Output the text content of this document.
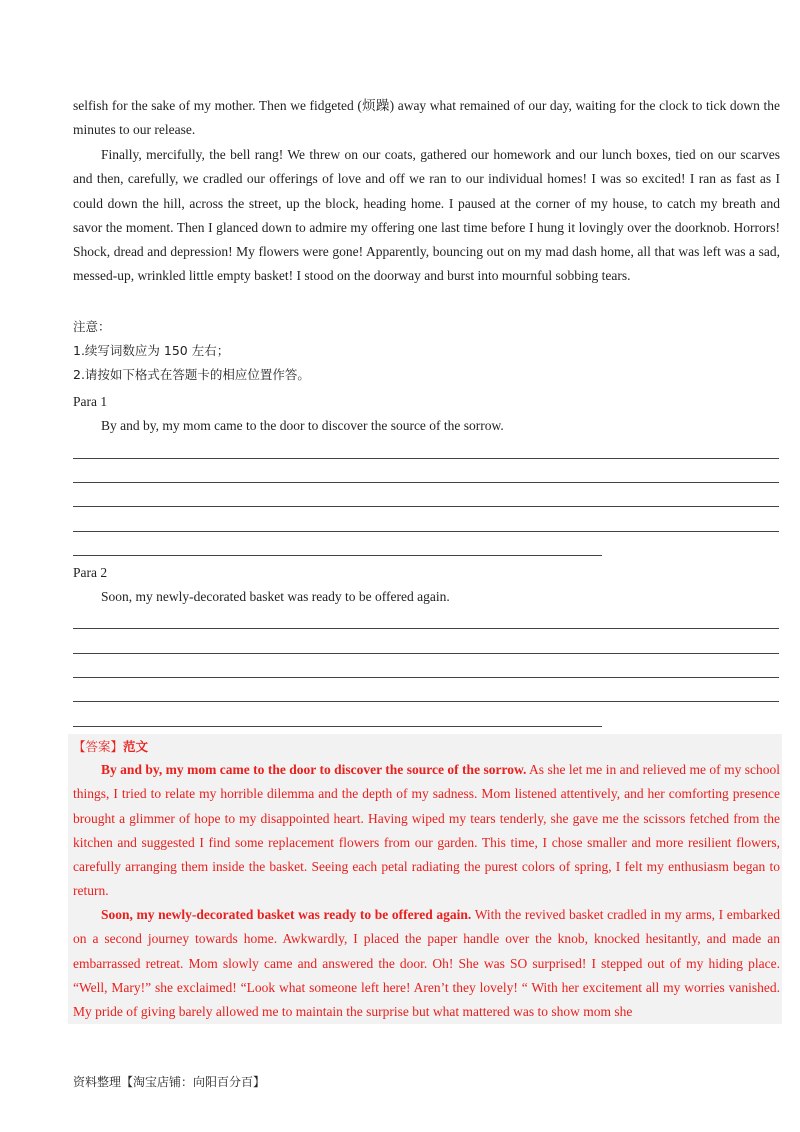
selfish for the sake of my mother. Then we fidgeted (烦躁) away what remained of our day, waiting for the clock to tick down the minutes to our release.

Finally, mercifully, the bell rang! We threw on our coats, gathered our homework and our lunch boxes, tied on our scarves and then, carefully, we cradled our offerings of love and off we ran to our individual homes! I was so excited! I ran as fast as I could down the hill, across the street, up the block, heading home. I paused at the corner of my house, to catch my breath and savor the moment. Then I glanced down to admire my offering one last time before I hung it lovingly over the doorknob. Horrors! Shock, dread and depression! My flowers were gone! Apparently, bouncing out on my mad dash home, all that was left was a sad, messed-up, wrinkled little empty basket! I stood on the doorway and burst into mournful sobbing tears.

注意：

1.续写词数应为 150 左右；

2.请按如下格式在答题卡的相应位置作答。

Para 1

By and by, my mom came to the door to discover the source of the sorrow.

Para 2

Soon, my newly-decorated basket was ready to be offered again.

【答案】范文

By and by, my mom came to the door to discover the source of the sorrow. As she let me in and relieved me of my school things, I tried to relate my horrible dilemma and the depth of my sadness. Mom listened attentively, and her comforting presence brought a glimmer of hope to my disappointed heart. Having wiped my tears tenderly, she gave me the scissors fetched from the kitchen and suggested I find some replacement flowers from our garden. This time, I chose smaller and more resilient flowers, carefully arranging them inside the basket. Seeing each petal radiating the purest colors of spring, I felt my enthusiasm began to return.

Soon, my newly-decorated basket was ready to be offered again. With the revived basket cradled in my arms, I embarked on a second journey towards home. Awkwardly, I placed the paper handle over the knob, knocked hesitantly, and made an embarrassed retreat. Mom slowly came and answered the door. Oh! She was SO surprised! I stepped out of my hiding place. “Well, Mary!” she exclaimed! “Look what someone left here! Aren’t they lovely! “ With her excitement all my worries vanished. My pride of giving barely allowed me to maintain the surprise but what mattered was to show mom she

资料整理【淘宝店铺：向阳百分百】
